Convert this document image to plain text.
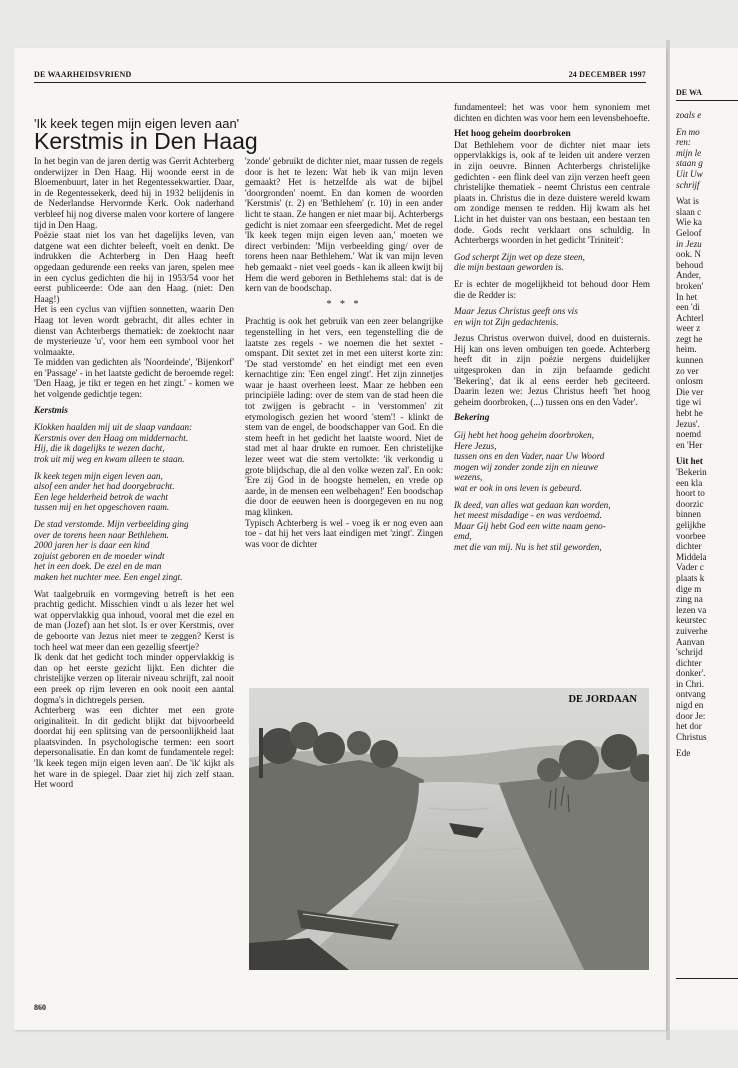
DE WAARHEIDSVRIEND	24 DECEMBER 1997
'Ik keek tegen mijn eigen leven aan'
Kerstmis in Den Haag

In het begin van de jaren dertig was Gerrit Achterberg onderwijzer in Den Haag. Hij woonde eerst in de Bloemenbuurt, later in het Regentessekwartier. Daar, in de Regentessekerk, deed hij in 1932 belijdenis in de Nederlandse Hervormde Kerk. Ook naderhand verbleef hij nog diverse malen voor kortere of langere tijd in Den Haag.

Poëzie staat niet los van het dagelijks leven, van datgene wat een dichter beleeft, voelt en denkt. De indrukken die Achterberg in Den Haag heeft opgedaan gedurende een reeks van jaren, spelen mee in een cyclus gedichten die hij in 1953/54 voor het eerst publiceerde: Ode aan den Haag. (niet: Den Haag!)

Het is een cyclus van vijftien sonnetten, waarin Den Haag tot leven wordt gebracht, dit alles echter in dienst van Achterbergs thematiek: de zoektocht naar de mysterieuze 'u', voor hem een symbool voor het volmaakte.

Te midden van gedichten als 'Noordeinde', 'Bijenkorf' en 'Passage' - in het laatste gedicht de beroemde regel: 'Den Haag, je tikt er tegen en het zingt.' - komen we het volgende gedichtje tegen:

Kerstmis

Klokken haalden mij uit de slaap vandaan:

Kerstmis over den Haag om middernacht.

Hij, die ik dagelijks te wezen dacht,

trok uit mij weg en kwam alleen te staan.

Ik keek tegen mijn eigen leven aan,

alsof een ander het had doorgebracht.

Een lege helderheid betrok de wacht

tussen mij en het opgeschoven raam.

De stad verstomde. Mijn verbeelding ging

over de torens heen naar Bethlehem.

2000 jaren her is daar een kind

zojuist geboren en de moeder windt

het in een doek. De ezel en de man

maken het nuchter mee. Een engel zingt.

Wat taalgebruik en vormgeving betreft is het een prachtig gedicht. Misschien vindt u als lezer het wel wat oppervlakkig qua inhoud, vooral met die ezel en de man (Jozef) aan het slot. Is er over Kerstmis, over de geboorte van Jezus niet meer te zeggen? Kerst is toch heel wat meer dan een gezellig sfeertje?

Ik denk dat het gedicht toch minder oppervlakkig is dan op het eerste gezicht lijkt. Een dichter die christelijke verzen op literair niveau schrijft, zal nooit een preek op rijm leveren en ook nooit een aantal dogma's in dichtregels persen.

Achterberg was een dichter met een grote originaliteit. In dit gedicht blijkt dat bijvoorbeeld doordat hij een splitsing van de persoonlijkheid laat plaatsvinden. In psychologische termen: een soort depersonalisatie. En dan komt de fundamentele regel: 'Ik keek tegen mijn eigen leven aan'. De 'ik' kijkt als het ware in de spiegel. Daar ziet hij zich zelf staan. Het woord

'zonde' gebruikt de dichter niet, maar tussen de regels door is het te lezen: Wat heb ik van mijn leven gemaakt? Het is hetzelfde als wat de bijbel 'doorgronden' noemt. En dan komen de woorden 'Kerstmis' (r. 2) en 'Bethlehem' (r. 10) in een ander licht te staan. Ze hangen er niet maar bij. Achterbergs gedicht is niet zomaar een sfeergedicht. Met de regel 'Ik keek tegen mijn eigen leven aan,' moeten we direct verbinden: 'Mijn verbeelding ging/ over de torens heen naar Bethlehem.' Wat ik van mijn leven heb gemaakt - niet veel goeds - kan ik alleen kwijt bij Hem die werd geboren in Bethlehems stal: dat is de kern van de boodschap.

* * *

Prachtig is ook het gebruik van een zeer belangrijke tegenstelling in het vers, een tegenstelling die de laatste zes regels - we noemen die het sextet - omspant. Dit sextet zet in met een uiterst korte zin: 'De stad verstomde' en het eindigt met een even kernachtige zin: 'Een engel zingt'. Het zijn zinnetjes waar je haast overheen leest. Maar ze hebben een principiële lading: over de stem van de stad heen die tot zwijgen is gebracht - in 'verstommen' zit etymologisch gezien het woord 'stem'! - klinkt de stem van de engel, de boodschapper van God. En die stem heeft in het gedicht het laatste woord. Niet de stad met al haar drukte en rumoer. Een christelijke lezer weet wat die stem vertolkte: 'ik verkondig u grote blijdschap, die al den volke wezen zal'. En ook: 'Ere zij God in de hoogste hemelen, en vrede op aarde, in de mensen een welbehagen!' Een boodschap die door de eeuwen heen is doorgegeven en nu nog mag klinken.

Typisch Achterberg is wel - voeg ik er nog even aan toe - dat hij het vers laat eindigen met 'zingt'. Zingen was voor de dichter

fundamenteel: het was voor hem synoniem met dichten en dichten was voor hem een levensbehoefte.

Het hoog geheim doorbroken

Dat Bethlehem voor de dichter niet maar iets oppervlakkigs is, ook af te leiden uit andere verzen in zijn oeuvre. Binnen Achterbergs christelijke gedichten - een flink deel van zijn verzen heeft geen christelijke thematiek - neemt Christus een centrale plaats in. Christus die in deze duistere wereld kwam om zondige mensen te redden. Hij kwam als het Licht in het duister van ons bestaan, een bestaan ten dode. Gods recht verklaart ons schuldig. In Achterbergs woorden in het gedicht 'Triniteit':

God scherpt Zijn wet op deze steen,

die mijn bestaan geworden is.

Er is echter de mogelijkheid tot behoud door Hem die de Redder is:

Maar Jezus Christus geeft ons vis

en wijn tot Zijn gedachtenis.

Jezus Christus overwon duivel, dood en duisternis. Hij kan ons leven ombuigen ten goede. Achterberg heeft dit in zijn poëzie nergens duidelijker uitgesproken dan in zijn befaamde gedicht 'Bekering', dat ik al eens eerder heb geciteerd. Daarin lezen we: Jezus Christus heeft 'het hoog geheim doorbroken, (...) tussen ons en den Vader'.

Bekering

Gij hebt het hoog geheim doorbroken,

Here Jezus,

tussen ons en den Vader, naar Uw Woord

mogen wij zonder zonde zijn en nieuwe

wezens,

wat er ook in ons leven is gebeurd.

Ik deed, van alles wat gedaan kan worden,

het meest misdadige - en was verdoemd.

Maar Gij hebt God een witte naam geno-

emd,

met die van mij. Nu is het stil geworden,

DE JORDAAN
860
DE WA

zoals e

En mo

ren:

mijn le

staan g

Uit Uw

schrijf

Wat is

slaan c

Wie ka

Geloof

in Jezu

ook. N

behoud

Ander,

broken'

In het

een 'di

Achterl

weer z

zegt he

heim.

kunnen

zo ver

onlosm

Die ver

tige wi

hebt he

Jezus'.

noemd

en 'Her

Uit het

'Bekerin

een kla

hoort to

doorzic

binnen

gelijkhe

voorbee

dichter

Middela

Vader c

plaats k

dige m

zing na

lezen va

keurstec

zuiverhe

Aanvan

'schrijd

dichter

donker'.

in Chri.

ontvang

nigd en

door Je:

het dor

Christus

Ede
